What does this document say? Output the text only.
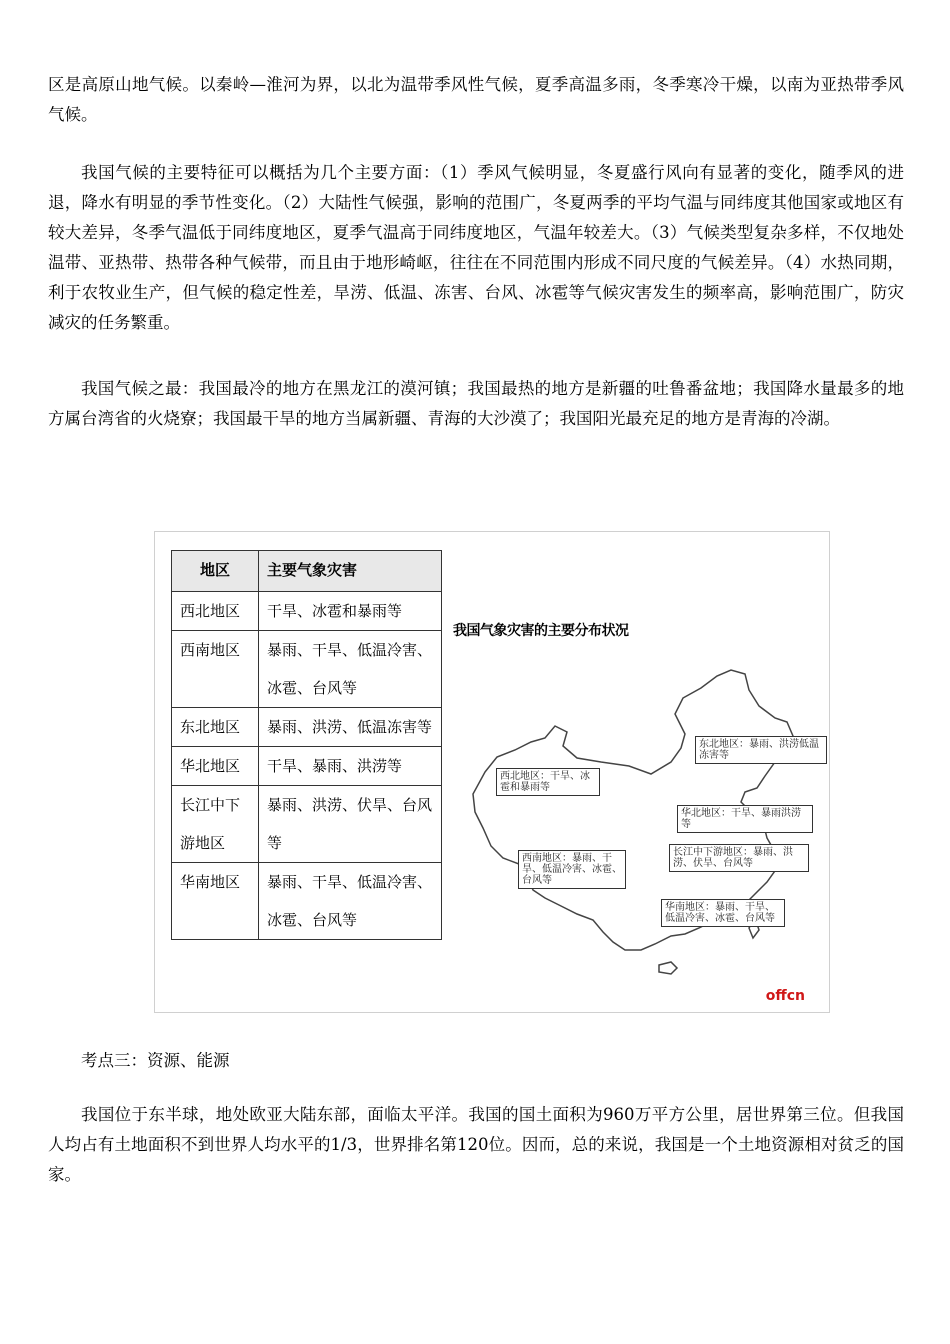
区是高原山地气候。以秦岭—淮河为界，以北为温带季风性气候，夏季高温多雨，冬季寒冷干燥，以南为亚热带季风气候。

我国气候的主要特征可以概括为几个主要方面：（1）季风气候明显，冬夏盛行风向有显著的变化，随季风的进退，降水有明显的季节性变化。（2）大陆性气候强，影响的范围广，冬夏两季的平均气温与同纬度其他国家或地区有较大差异，冬季气温低于同纬度地区，夏季气温高于同纬度地区，气温年较差大。（3）气候类型复杂多样，不仅地处温带、亚热带、热带各种气候带，而且由于地形崎岖，往往在不同范围内形成不同尺度的气候差异。（4）水热同期，利于农牧业生产，但气候的稳定性差，旱涝、低温、冻害、台风、冰雹等气候灾害发生的频率高，影响范围广，防灾减灾的任务繁重。

我国气候之最：我国最冷的地方在黑龙江的漠河镇；我国最热的地方是新疆的吐鲁番盆地；我国降水量最多的地方属台湾省的火烧寮；我国最干旱的地方当属新疆、青海的大沙漠了；我国阳光最充足的地方是青海的冷湖。

地区	主要气象灾害
西北地区	干旱、冰雹和暴雨等
西南地区	暴雨、干旱、低温冷害、冰雹、台风等
东北地区	暴雨、洪涝、低温冻害等
华北地区	干旱、暴雨、洪涝等
长江中下游地区	暴雨、洪涝、伏旱、台风等
华南地区	暴雨、干旱、低温冷害、冰雹、台风等
我国气象灾害的主要分布状况
东北地区：暴雨、洪涝低温冻害等
西北地区：干旱、冰雹和暴雨等
华北地区：干旱、暴雨洪涝等
西南地区：暴雨、干旱、低温冷害、冰雹、台风等
长江中下游地区：暴雨、洪涝、伏旱、台风等
华南地区：暴雨、干旱、低温冷害、冰雹、台风等
offcn

考点三：资源、能源

我国位于东半球，地处欧亚大陆东部，面临太平洋。我国的国土面积为960万平方公里，居世界第三位。但我国人均占有土地面积不到世界人均水平的1/3，世界排名第120位。因而，总的来说，我国是一个土地资源相对贫乏的国家。
